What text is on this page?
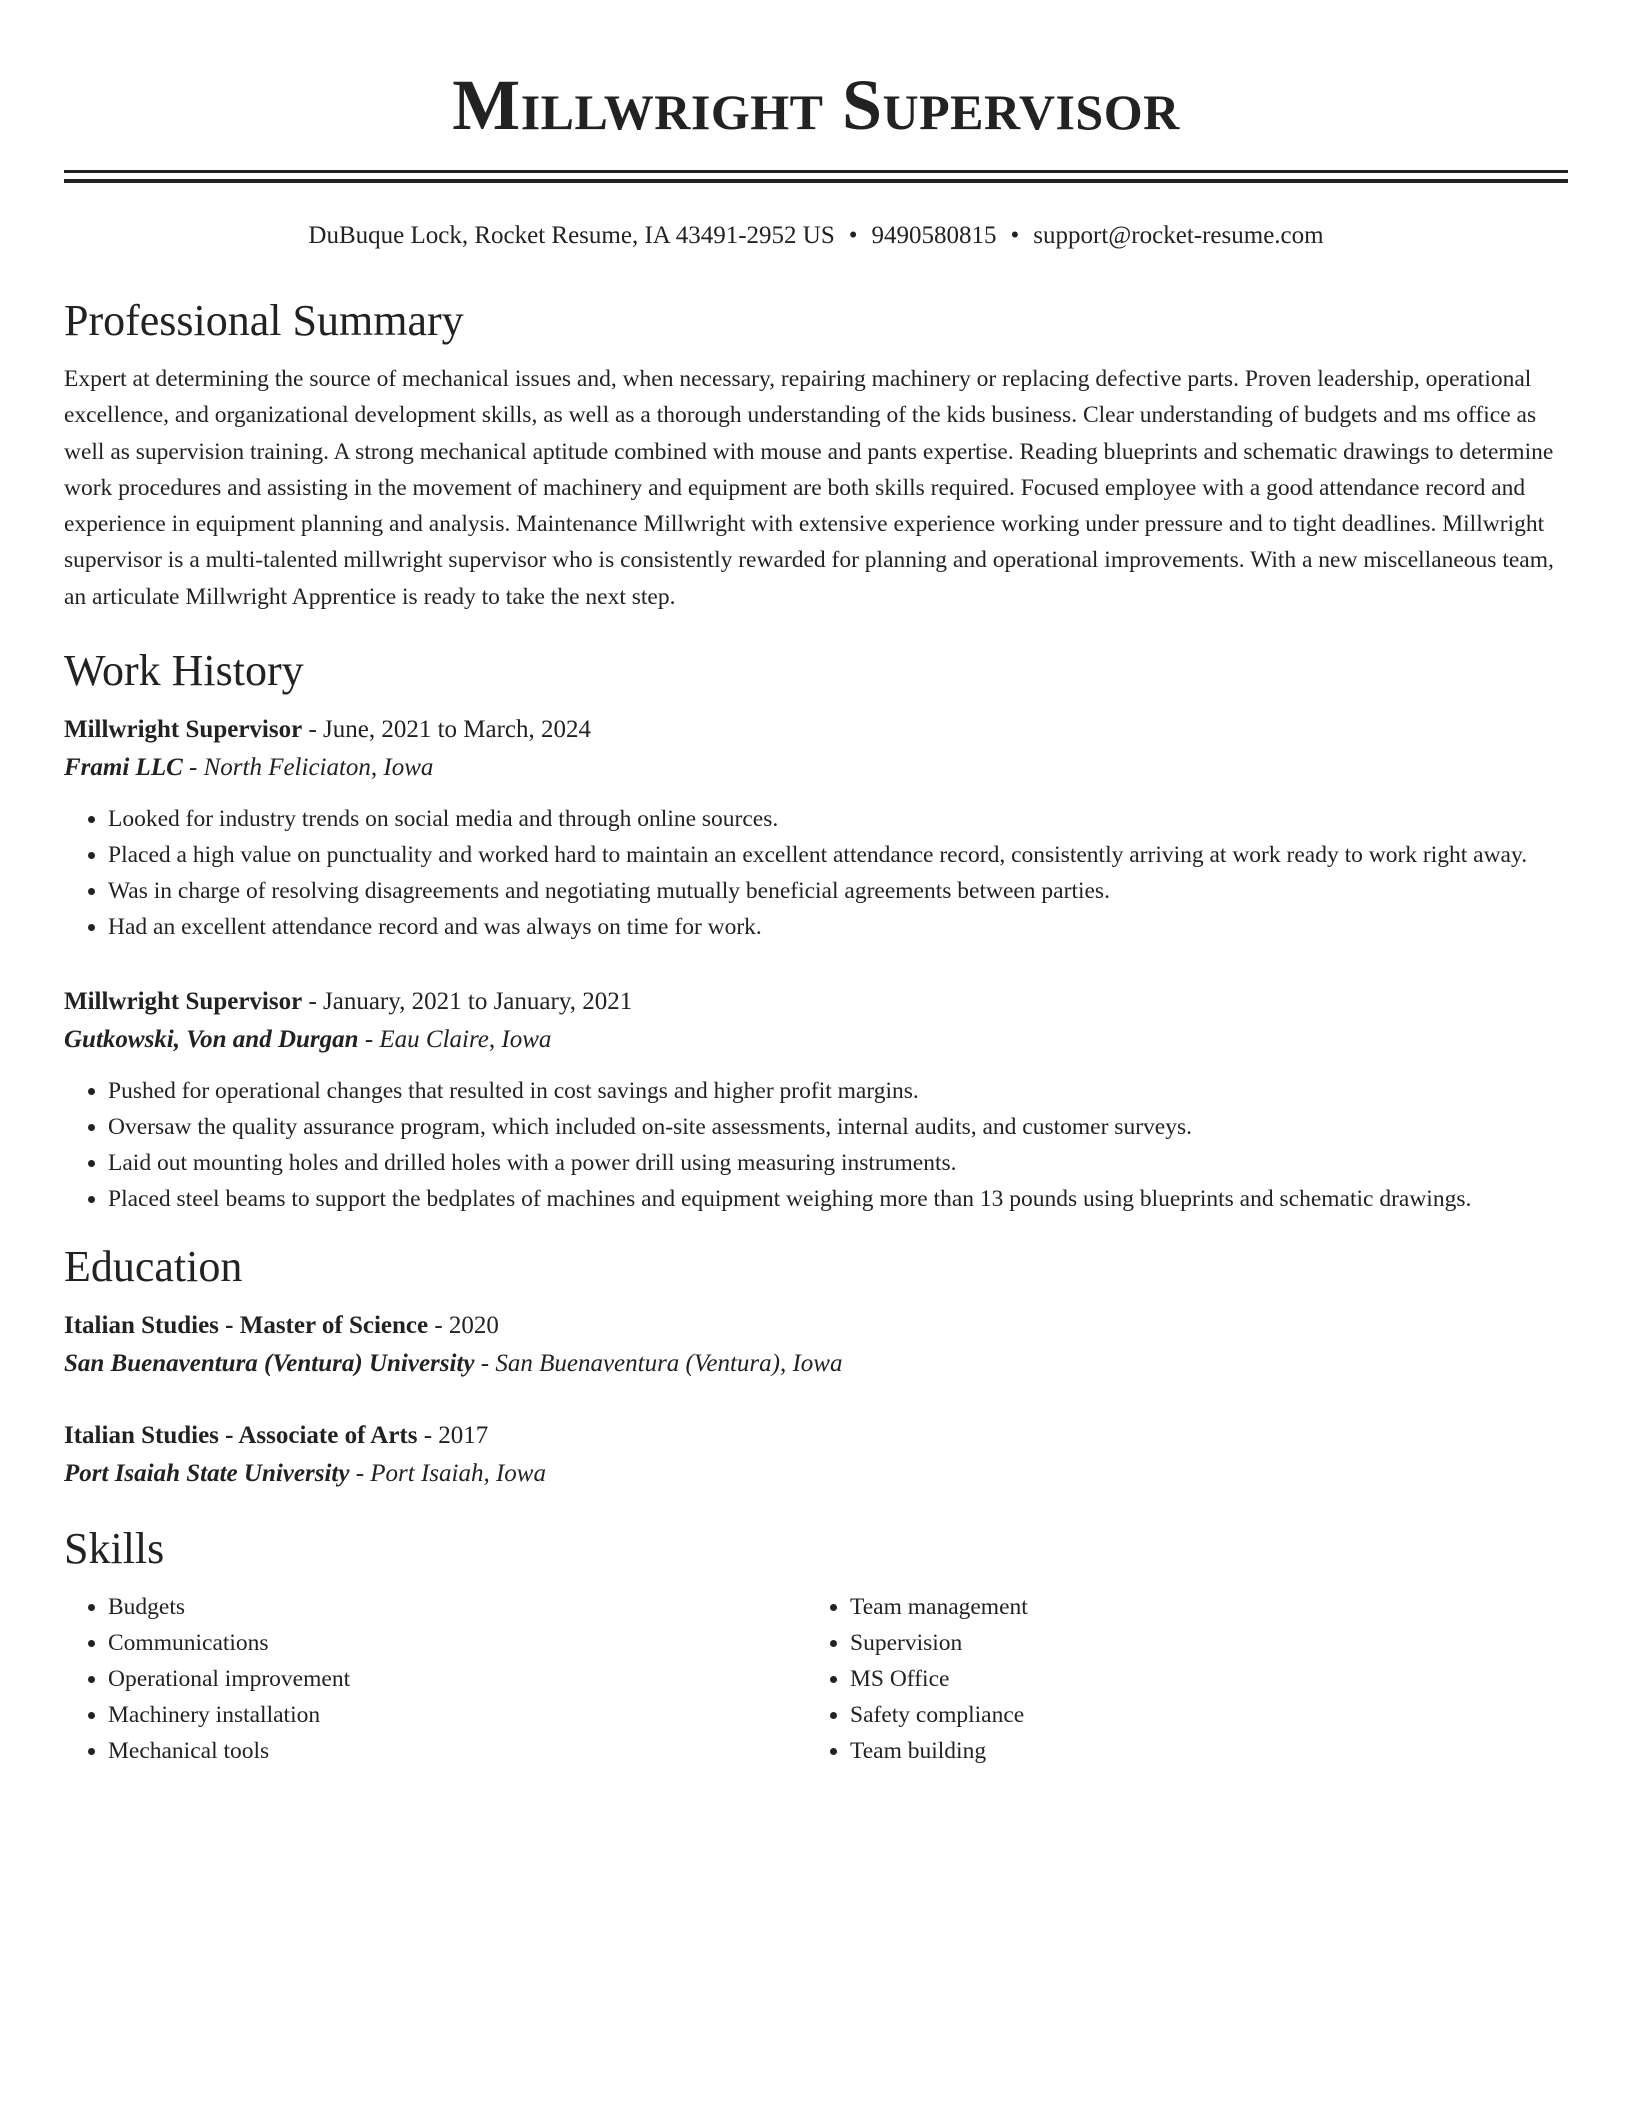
Millwright Supervisor
DuBuque Lock, Rocket Resume, IA 43491-2952 US • 9490580815 • support@rocket-resume.com
Professional Summary

Expert at determining the source of mechanical issues and, when necessary, repairing machinery or replacing defective parts. Proven leadership, operational excellence, and organizational development skills, as well as a thorough understanding of the kids business. Clear understanding of budgets and ms office as well as supervision training. A strong mechanical aptitude combined with mouse and pants expertise. Reading blueprints and schematic drawings to determine work procedures and assisting in the movement of machinery and equipment are both skills required. Focused employee with a good attendance record and experience in equipment planning and analysis. Maintenance Millwright with extensive experience working under pressure and to tight deadlines. Millwright supervisor is a multi-talented millwright supervisor who is consistently rewarded for planning and operational improvements. With a new miscellaneous team, an articulate Millwright Apprentice is ready to take the next step.

Work History
Millwright Supervisor - June, 2021 to March, 2024
Frami LLC - North Feliciaton, Iowa
• Looked for industry trends on social media and through online sources.
• Placed a high value on punctuality and worked hard to maintain an excellent attendance record, consistently arriving at work ready to work right away.
• Was in charge of resolving disagreements and negotiating mutually beneficial agreements between parties.
• Had an excellent attendance record and was always on time for work.
Millwright Supervisor - January, 2021 to January, 2021
Gutkowski, Von and Durgan - Eau Claire, Iowa
• Pushed for operational changes that resulted in cost savings and higher profit margins.
• Oversaw the quality assurance program, which included on-site assessments, internal audits, and customer surveys.
• Laid out mounting holes and drilled holes with a power drill using measuring instruments.
• Placed steel beams to support the bedplates of machines and equipment weighing more than 13 pounds using blueprints and schematic drawings.
Education
Italian Studies - Master of Science - 2020
San Buenaventura (Ventura) University - San Buenaventura (Ventura), Iowa
Italian Studies - Associate of Arts - 2017
Port Isaiah State University - Port Isaiah, Iowa
Skills
• Budgets
• Communications
• Operational improvement
• Machinery installation
• Mechanical tools
• Team management
• Supervision
• MS Office
• Safety compliance
• Team building
